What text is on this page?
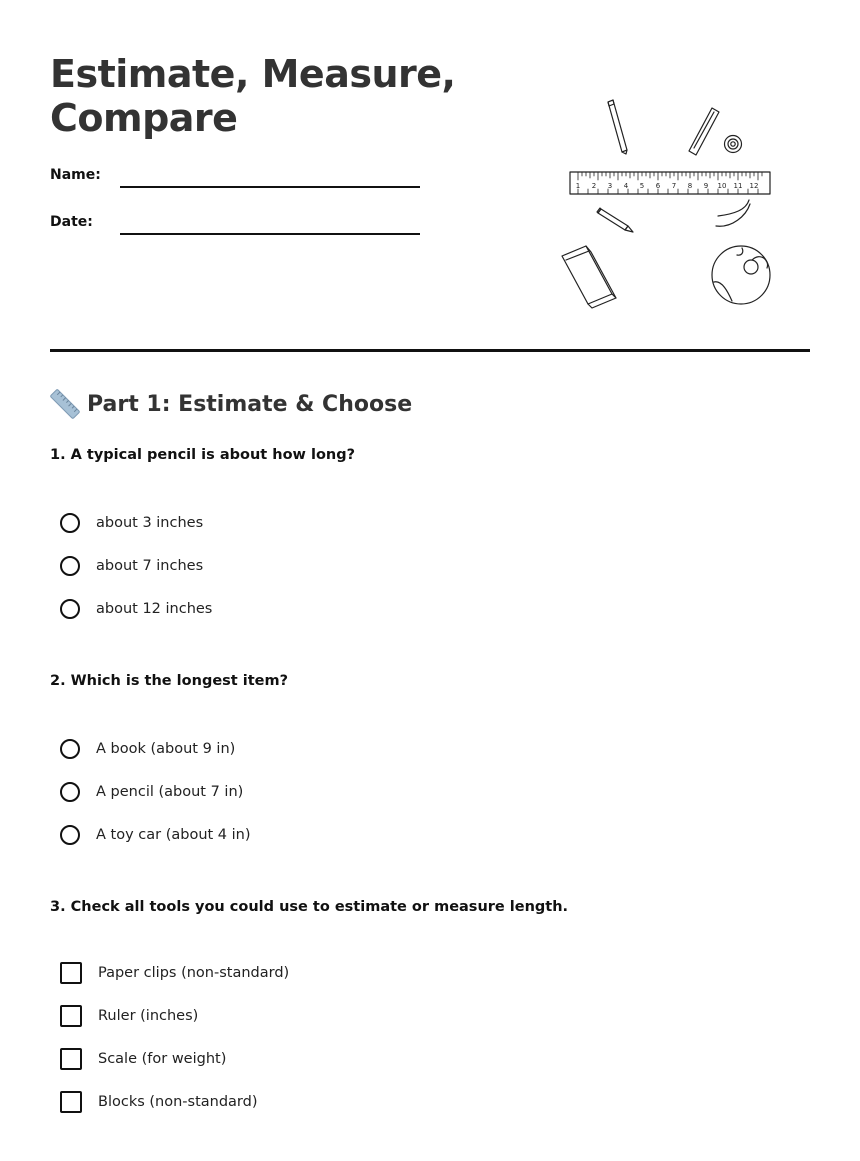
Estimate, Measure,
Compare
Name:
Date:
1 2 3 4 5 6 7 8 9 10 11 12
Part 1: Estimate & Choose
1. A typical pencil is about how long?
about 3 inches
about 7 inches
about 12 inches
2. Which is the longest item?
A book (about 9 in)
A pencil (about 7 in)
A toy car (about 4 in)
3. Check all tools you could use to estimate or measure length.
Paper clips (non-standard)
Ruler (inches)
Scale (for weight)
Blocks (non-standard)
